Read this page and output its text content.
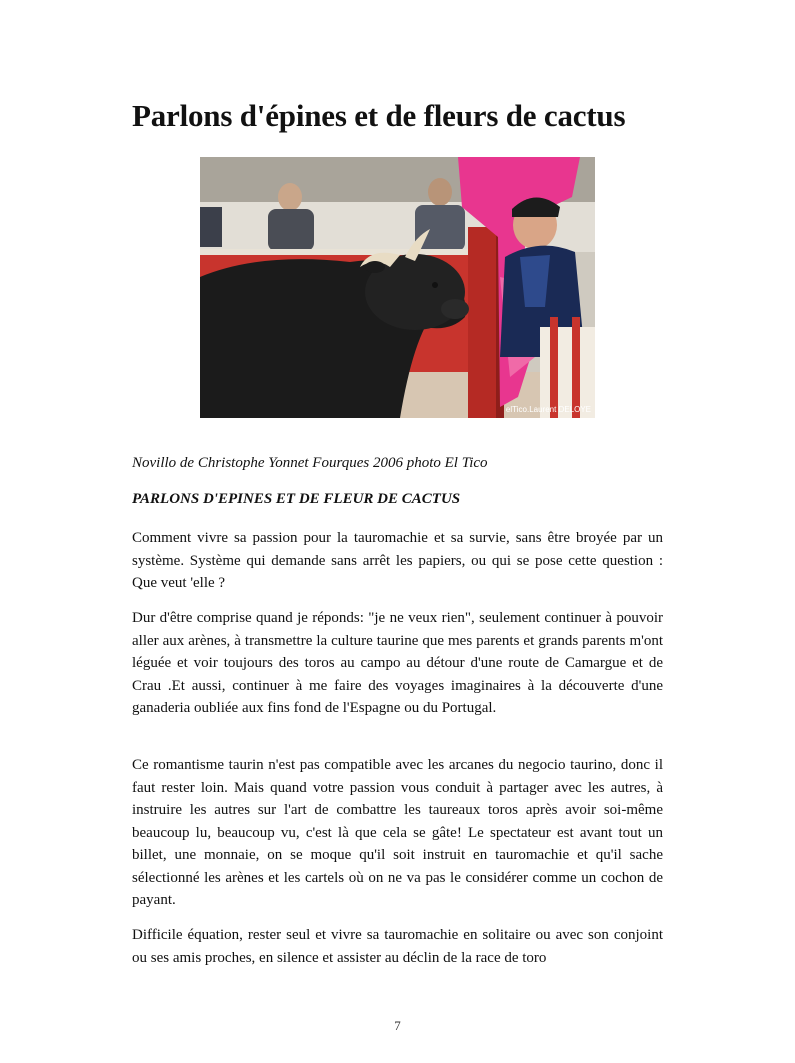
Parlons d'épines et de fleurs de cactus
elTico.Laurent DELOYE

Novillo de Christophe Yonnet Fourques 2006 photo El Tico

PARLONS D'EPINES ET DE FLEUR DE CACTUS

Comment vivre sa passion pour la tauromachie et sa survie, sans être broyée par un système. Système qui demande sans arrêt les papiers, ou qui se pose cette question : Que veut 'elle ?

Dur d'être comprise quand je réponds: "je ne veux rien", seulement continuer à pouvoir aller aux arènes, à transmettre la culture taurine que mes parents et grands parents m'ont léguée et voir toujours des toros au campo au détour d'une route de Camargue et de Crau .Et aussi, continuer à me faire des voyages imaginaires à la découverte d'une ganaderia oubliée aux fins fond de l'Espagne ou du Portugal.

Ce romantisme taurin n'est pas compatible avec les arcanes du negocio taurino, donc il faut rester loin. Mais quand votre passion vous conduit à partager avec les autres, à instruire les autres sur l'art de combattre les taureaux toros après avoir soi-même beaucoup lu, beaucoup vu, c'est là que cela se gâte! Le spectateur est avant tout un billet, une monnaie, on se moque qu'il soit instruit en tauromachie et qu'il sache sélectionné les arènes et les cartels où on ne va pas le considérer comme un cochon de payant.

Difficile équation, rester seul et vivre sa tauromachie en solitaire ou avec son conjoint ou ses amis proches, en silence et assister au déclin de la race de toro

7
